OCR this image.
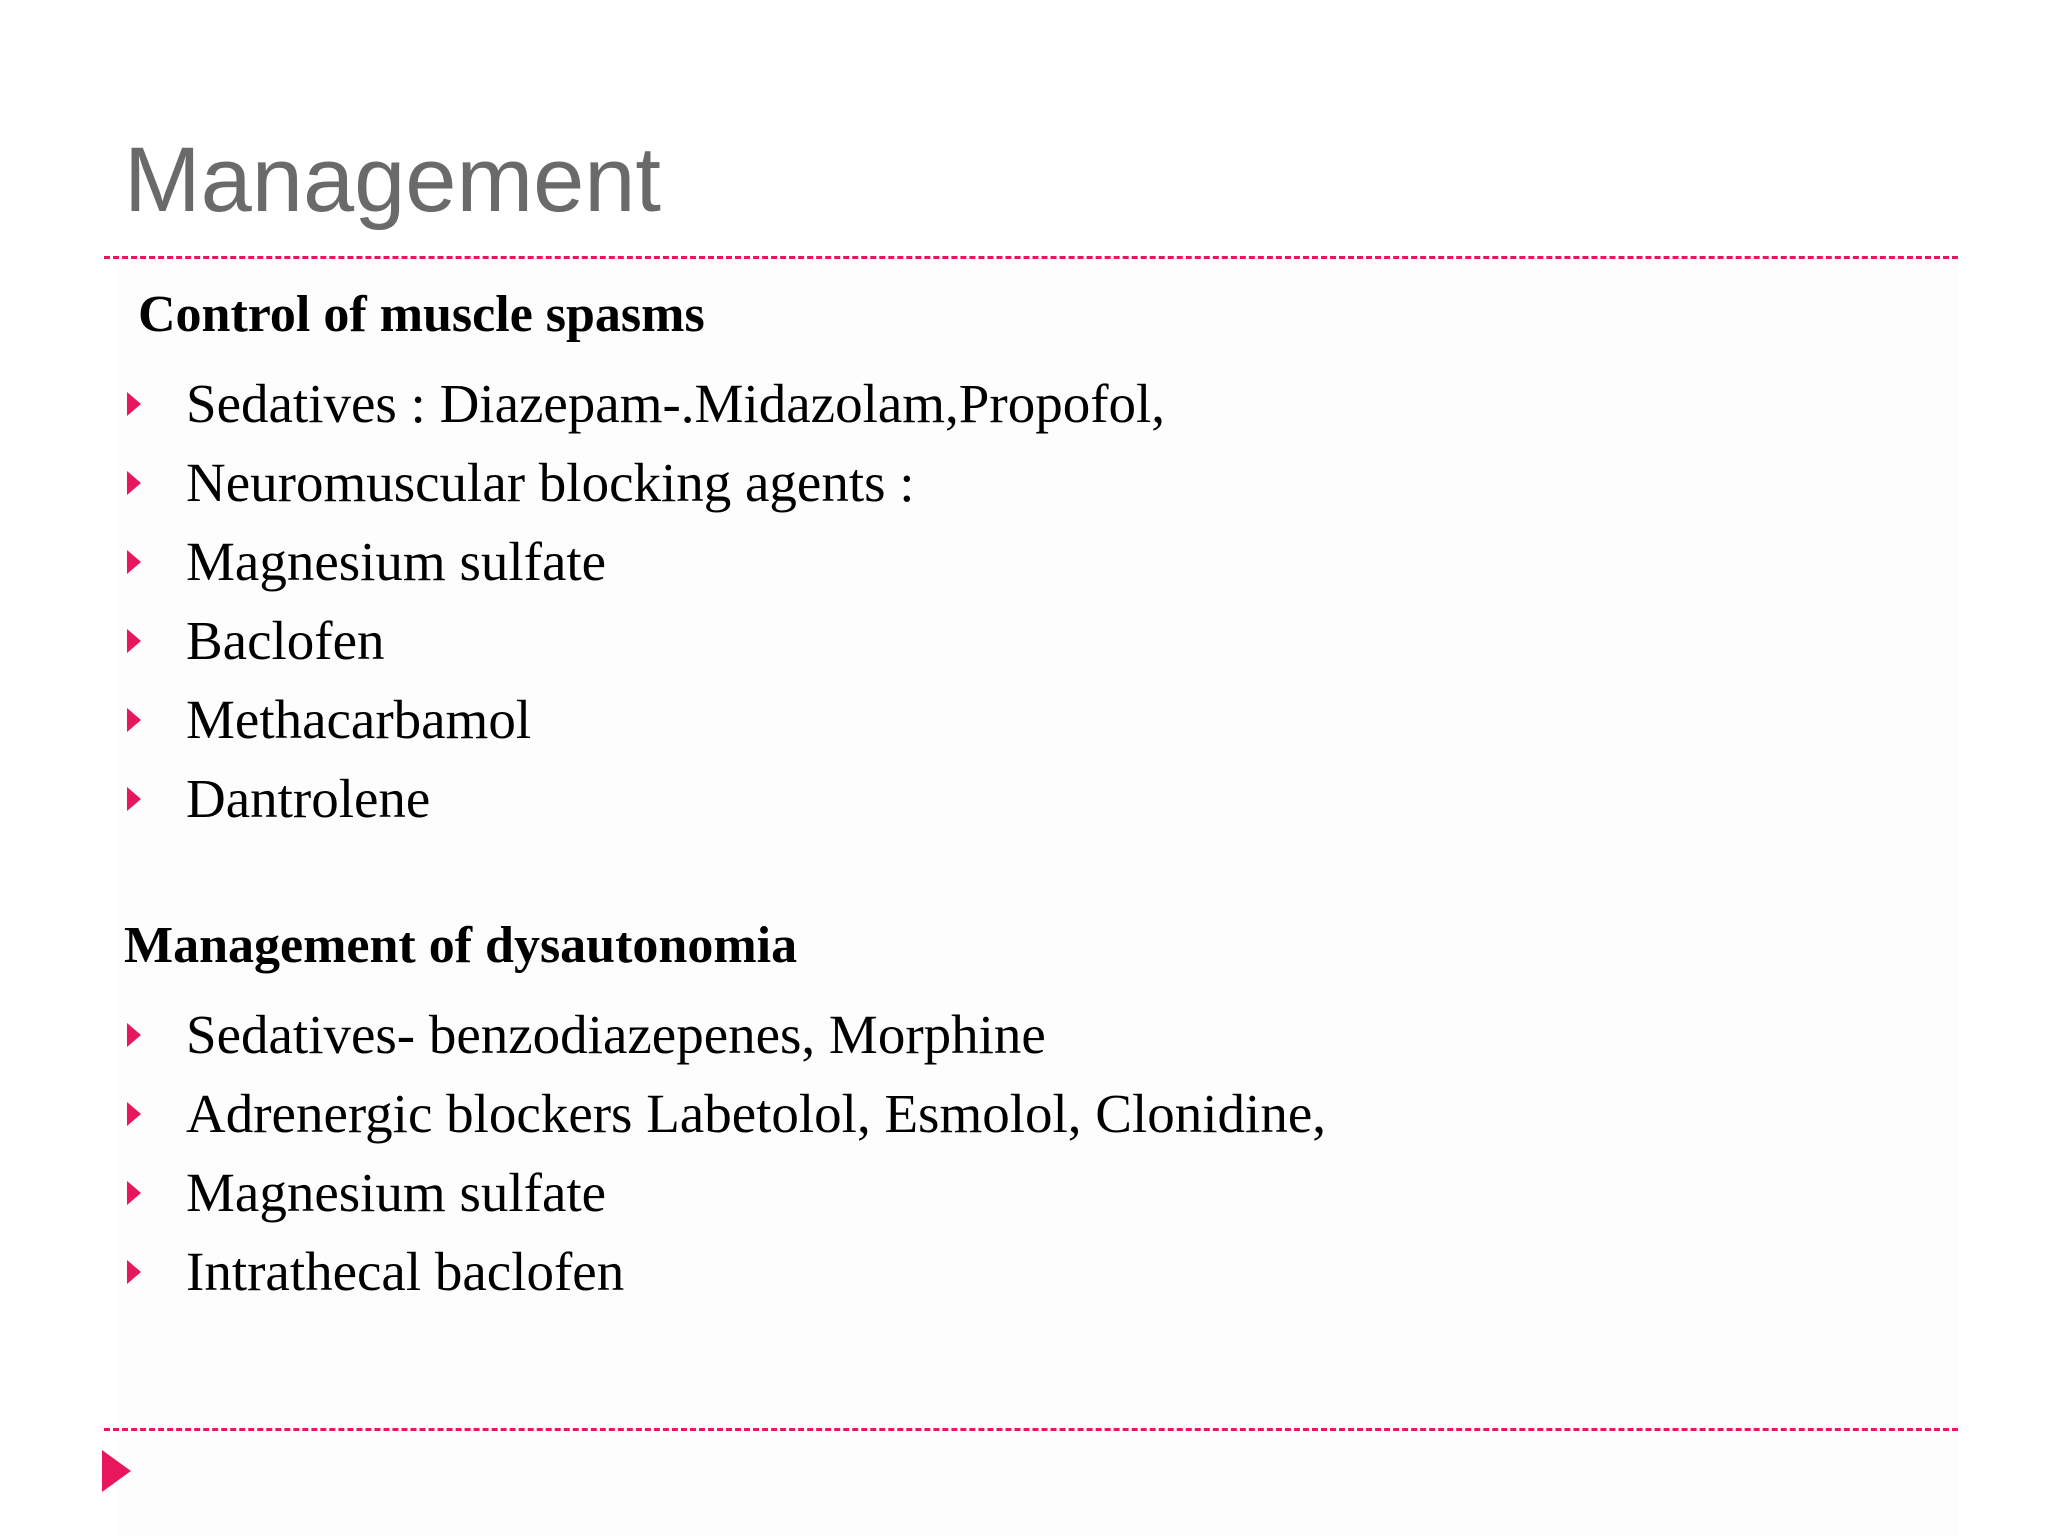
Management
Control of muscle spasms
Sedatives : Diazepam-.Midazolam,Propofol,
Neuromuscular blocking agents :
Magnesium sulfate
Baclofen
Methacarbamol
Dantrolene
Management of dysautonomia
Sedatives- benzodiazepenes, Morphine
Adrenergic blockers Labetolol, Esmolol, Clonidine,
Magnesium sulfate
Intrathecal baclofen
